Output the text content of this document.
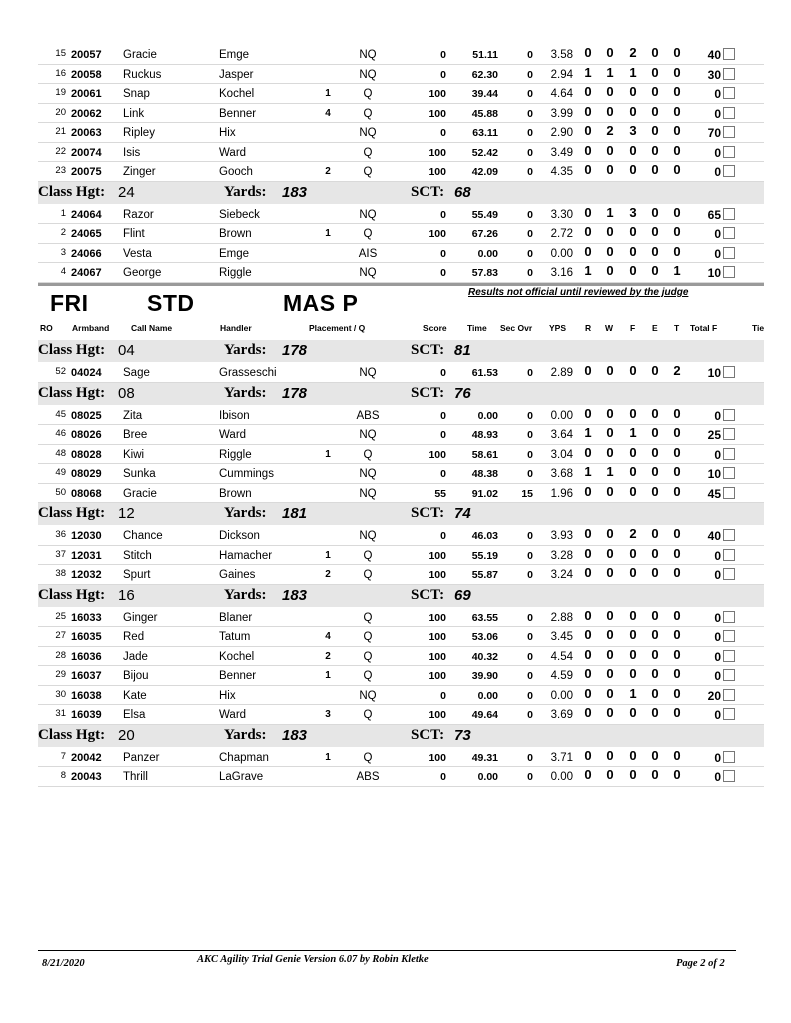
FRI	STD	MAS P	Results not official until reviewed by the judge
RO Armband	Call Name	Handler	Placement / Q	Score Time Sec Ovr YPS R W F E T Total F	Tie
8/21/2020	AKC Agility Trial Genie Version 6.07 by Robin Kletke	Page 2 of 2
15 20057 Gracie	Emge	NQ	0	51.11	0	3.58 0 0 2 0 0	40
16 20058 Ruckus	Jasper	NQ	0	62.30	0	2.94 1 1 1 0 0	30
19 20061 Snap	Kochel	1	Q	100	39.44	0	4.64 0 0 0 0 0	0
20 20062 Link	Benner	4	Q	100	45.88	0	3.99 0 0 0 0 0	0
21 20063 Ripley	Hix	NQ	0	63.11	0	2.90 0 2 3 0 0	70
22 20074 Isis	Ward	Q	100	52.42	0	3.49 0 0 0 0 0	0
23 20075 Zinger	Gooch	2	Q	100	42.09	0	4.35 0 0 0 0 0	0
Class Hgt: 24	Yards: 183	SCT: 68
1 24064 Razor	Siebeck	NQ	0	55.49	0	3.30 0 1 3 0 0	65
2 24065 Flint	Brown	1	Q	100	67.26	0	2.72 0 0 0 0 0	0
3 24066 Vesta	Emge	AIS	0	0.00	0	0.00 0 0 0 0 0	0
4 24067 George	Riggle	NQ	0	57.83	0	3.16 1 0 0 0 1	10
Class Hgt: 04	Yards: 178	SCT: 81
52 04024 Sage	Grasseschi	NQ	0	61.53	0	2.89 0 0 0 0 2	10
Class Hgt: 08	Yards: 178	SCT: 76
45 08025 Zita	Ibison	ABS	0	0.00	0	0.00 0 0 0 0 0	0
46 08026 Bree	Ward	NQ	0	48.93	0	3.64 1 0 1 0 0	25
48 08028 Kiwi	Riggle	1	Q	100	58.61	0	3.04 0 0 0 0 0	0
49 08029 Sunka	Cummings	NQ	0	48.38	0	3.68 1 1 0 0 0	10
50 08068 Gracie	Brown	NQ	55	91.02	15	1.96 0 0 0 0 0	45
Class Hgt: 12	Yards: 181	SCT: 74
36 12030 Chance	Dickson	NQ	0	46.03	0	3.93 0 0 2 0 0	40
37 12031 Stitch	Hamacher	1	Q	100	55.19	0	3.28 0 0 0 0 0	0
38 12032 Spurt	Gaines	2	Q	100	55.87	0	3.24 0 0 0 0 0	0
Class Hgt: 16	Yards: 183	SCT: 69
25 16033 Ginger	Blaner	Q	100	63.55	0	2.88 0 0 0 0 0	0
27 16035 Red	Tatum	4	Q	100	53.06	0	3.45 0 0 0 0 0	0
28 16036 Jade	Kochel	2	Q	100	40.32	0	4.54 0 0 0 0 0	0
29 16037 Bijou	Benner	1	Q	100	39.90	0	4.59 0 0 0 0 0	0
30 16038 Kate	Hix	NQ	0	0.00	0	0.00 0 0 1 0 0	20
31 16039 Elsa	Ward	3	Q	100	49.64	0	3.69 0 0 0 0 0	0
Class Hgt: 20	Yards: 183	SCT: 73
7 20042 Panzer	Chapman	1	Q	100	49.31	0	3.71 0 0 0 0 0	0
8 20043 Thrill	LaGrave	ABS	0	0.00	0	0.00 0 0 0 0 0	0
